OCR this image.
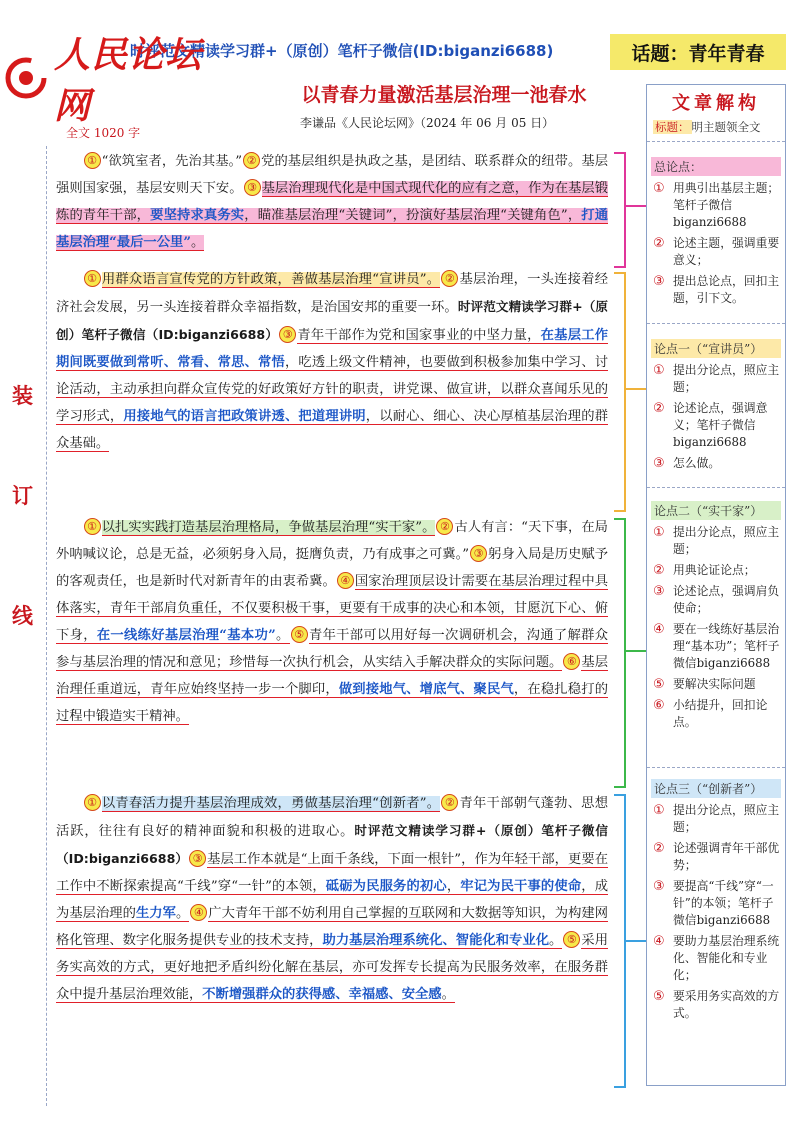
时评范文精读学习群+（原创）笔杆子微信(ID:biganzi6688)	话题：青年青春
人民论坛网	以青春力量激活基层治理一池春水
李谦品《人民论坛网》（2024 年 06 月 05 日）
全文 1020 字
装
订
线

① “欲筑室者，先治其基。” ② 党的基层组织是执政之基，是团结、联系群众的纽带。基层强则国家强，基层安则天下安。 ③ 基层治理现代化是中国式现代化的应有之意，作为在基层锻炼的青年干部，要坚持求真务实，瞄准基层治理“关键词”，扮演好基层治理“关键角色”，打通基层治理“最后一公里”。

① 用群众语言宣传党的方针政策，善做基层治理“宣讲员”。 ② 基层治理，一头连接着经济社会发展，另一头连接着群众幸福指数，是治国安邦的重要一环。时评范文精读学习群+（原创）笔杆子微信（ID:biganzi6688） ③ 青年干部作为党和国家事业的中坚力量，在基层工作期间既要做到常听、常看、常思、常悟，吃透上级文件精神，也要做到积极参加集中学习、讨论活动，主动承担向群众宣传党的好政策好方针的职责，讲党课、做宣讲，以群众喜闻乐见的学习形式，用接地气的语言把政策讲透、把道理讲明，以耐心、细心、决心厚植基层治理的群众基础。

① 以扎实实践打造基层治理格局，争做基层治理“实干家”。 ② 古人有言：“天下事，在局外呐喊议论，总是无益，必须躬身入局，挺膺负责，乃有成事之可冀。” ③ 躬身入局是历史赋予的客观责任，也是新时代对新青年的由衷希冀。 ④ 国家治理顶层设计需要在基层治理过程中具体落实，青年干部肩负重任，不仅要积极干事，更要有干成事的决心和本领，甘愿沉下心、俯下身，在一线练好基层治理“基本功”。 ⑤ 青年干部可以用好每一次调研机会，沟通了解群众参与基层治理的情况和意见；珍惜每一次执行机会，从实结入手解决群众的实际问题。 ⑥ 基层治理任重道远，青年应始终坚持一步一个脚印，做到接地气、增底气、聚民气，在稳扎稳打的过程中锻造实干精神。

① 以青春活力提升基层治理成效，勇做基层治理“创新者”。 ② 青年干部朝气蓬勃、思想活跃，往往有良好的精神面貌和积极的进取心。时评范文精读学习群+（原创）笔杆子微信（ID:biganzi6688） ③ 基层工作本就是“上面千条线，下面一根针”，作为年轻干部，更要在工作中不断探索提高“千线”穿“一针”的本领，砥砺为民服务的初心，牢记为民干事的使命，成为基层治理的生力军。 ④ 广大青年干部不妨利用自己掌握的互联网和大数据等知识，为构建网格化管理、数字化服务提供专业的技术支持，助力基层治理系统化、智能化和专业化。 ⑤ 采用务实高效的方式，更好地把矛盾纠纷化解在基层，亦可发挥专长提高为民服务效率，在服务群众中提升基层治理效能，不断增强群众的获得感、幸福感、安全感。

文章解构
标题： 明主题领全文
总论点：
① 用典引出基层主题；笔杆子微信biganzi6688
② 论述主题，强调重要意义；
③ 提出总论点，回扣主题，引下文。
论点一（“宣讲员”）
① 提出分论点，照应主题；
② 论述论点，强调意义；笔杆子微信biganzi6688
③ 怎么做。
论点二（“实干家”）
① 提出分论点，照应主题；
② 用典论证论点；
③ 论述论点，强调肩负使命；
④ 要在一线练好基层治理“基本功”；笔杆子微信biganzi6688
⑤ 要解决实际问题
⑥ 小结提升，回扣论点。
论点三（“创新者”）
① 提出分论点，照应主题；
② 论述强调青年干部优势；
③ 要提高“千线”穿“一针”的本领；笔杆子微信biganzi6688
④ 要助力基层治理系统化、智能化和专业化；
⑤ 要采用务实高效的方式。
